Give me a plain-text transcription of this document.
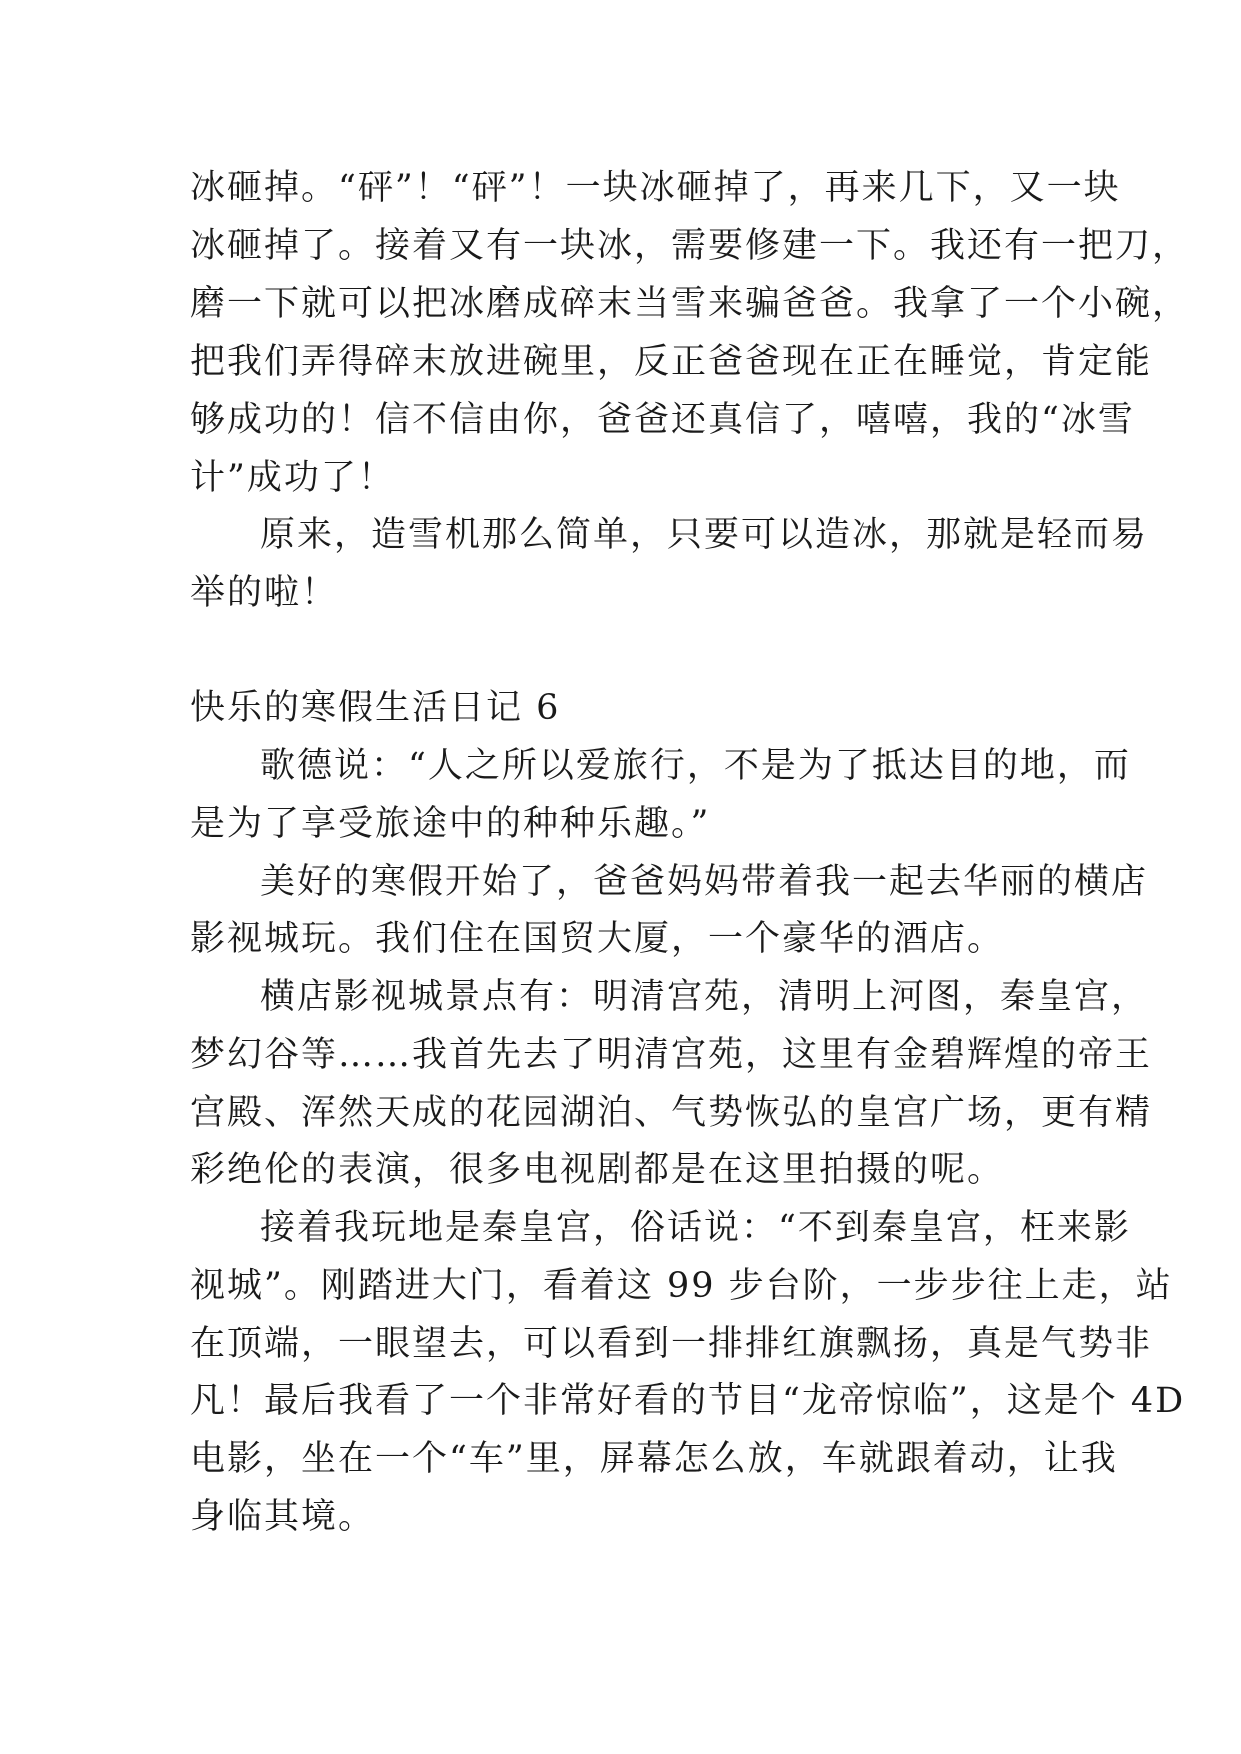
冰砸掉。“砰”！“砰”！一块冰砸掉了，再来几下，又一块
冰砸掉了。接着又有一块冰，需要修建一下。我还有一把刀，
磨一下就可以把冰磨成碎末当雪来骗爸爸。我拿了一个小碗，
把我们弄得碎末放进碗里，反正爸爸现在正在睡觉，肯定能
够成功的！信不信由你，爸爸还真信了，嘻嘻，我的“冰雪
计”成功了！
原来，造雪机那么简单，只要可以造冰，那就是轻而易
举的啦！
快乐的寒假生活日记 6
歌德说：“人之所以爱旅行，不是为了抵达目的地，而
是为了享受旅途中的种种乐趣。”
美好的寒假开始了，爸爸妈妈带着我一起去华丽的横店
影视城玩。我们住在国贸大厦，一个豪华的酒店。
横店影视城景点有：明清宫苑，清明上河图，秦皇宫，
梦幻谷等……我首先去了明清宫苑，这里有金碧辉煌的帝王
宫殿、浑然天成的花园湖泊、气势恢弘的皇宫广场，更有精
彩绝伦的表演，很多电视剧都是在这里拍摄的呢。
接着我玩地是秦皇宫，俗话说：“不到秦皇宫，枉来影
视城”。刚踏进大门，看着这 99 步台阶，一步步往上走，站
在顶端，一眼望去，可以看到一排排红旗飘扬，真是气势非
凡！最后我看了一个非常好看的节目“龙帝惊临”，这是个 4D
电影，坐在一个“车”里，屏幕怎么放，车就跟着动，让我
身临其境。
